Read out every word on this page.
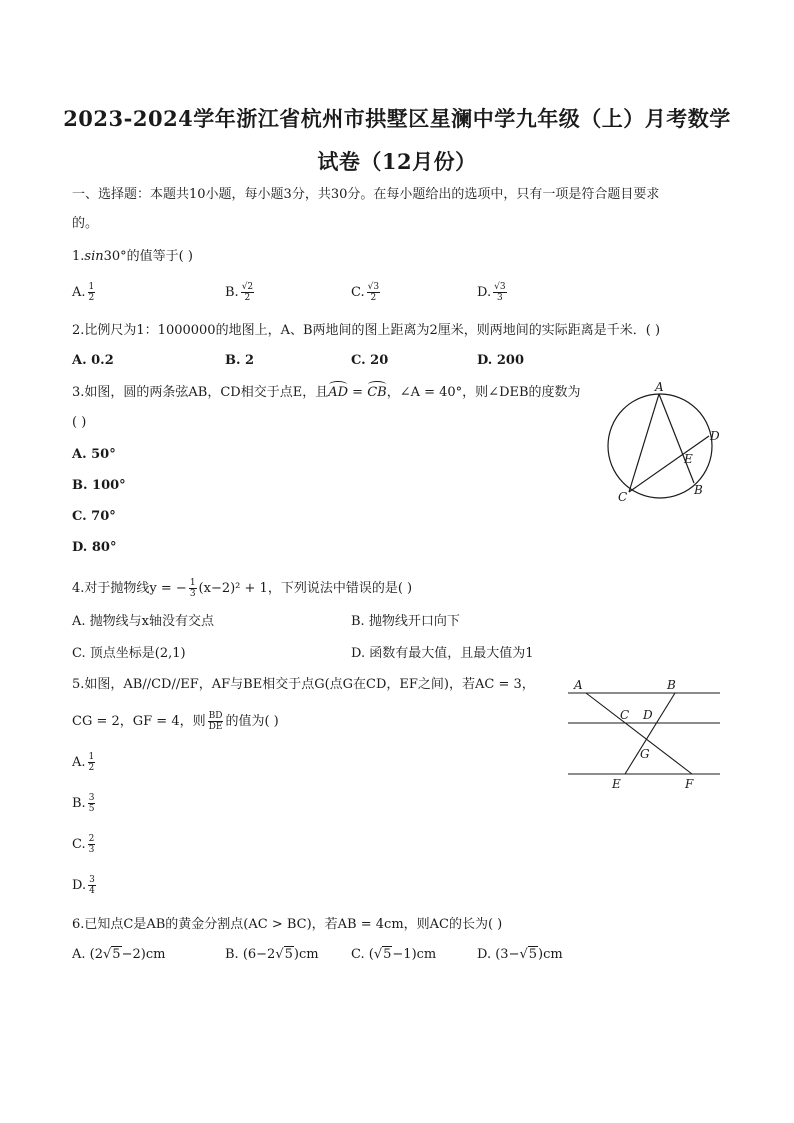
2023-2024学年浙江省杭州市拱墅区星澜中学九年级（上）月考数学
试卷（12月份）
一、选择题：本题共10小题，每小题3分，共30分。在每小题给出的选项中，只有一项是符合题目要求
的。
1.sin30°的值等于( )
A. $\frac{1}{2}$	B. $\frac{√2}{2}$	C. $\frac{√3}{2}$	D. $\frac{√3}{3}$
2.比例尺为1：1000000的地图上，A、B两地间的图上距离为2厘米，则两地间的实际距离是千米．( )
A. 0.2	B. 2	C. 20	D. 200
3.如图，圆的两条弦AB，CD相交于点E，且AD = CB，∠A = 40°，则∠DEB的度数为
( )
A. 50°
B. 100°
C. 70°
D. 80°
A
D
E
B
C
4.对于抛物线y = − $\frac{1}{3} (x-2)^2 + 1$，下列说法中错误的是( )
A. 抛物线与x轴没有交点	B. 抛物线开口向下
C. 顶点坐标是(2,1)	D. 函数有最大值，且最大值为1
5.如图，AB//CD//EF，AF与BE相交于点G(点G在CD，EF之间)，若AC = 3，
CG = 2，GF = 4，则 $\frac{BD}{DE}$ 的值为( )
A. $\frac{1}{2}$
B. $\frac{3}{5}$
C. $\frac{2}{3}$
D. $\frac{3}{4}$
A	B
C D
G
E	F
6.已知点C是AB的黄金分割点(AC > BC)，若AB = 4cm，则AC的长为( )
A. (2√5−2)cm	B. (6−2√5)cm C. (√5−1)cm	D. (3−√5)cm
